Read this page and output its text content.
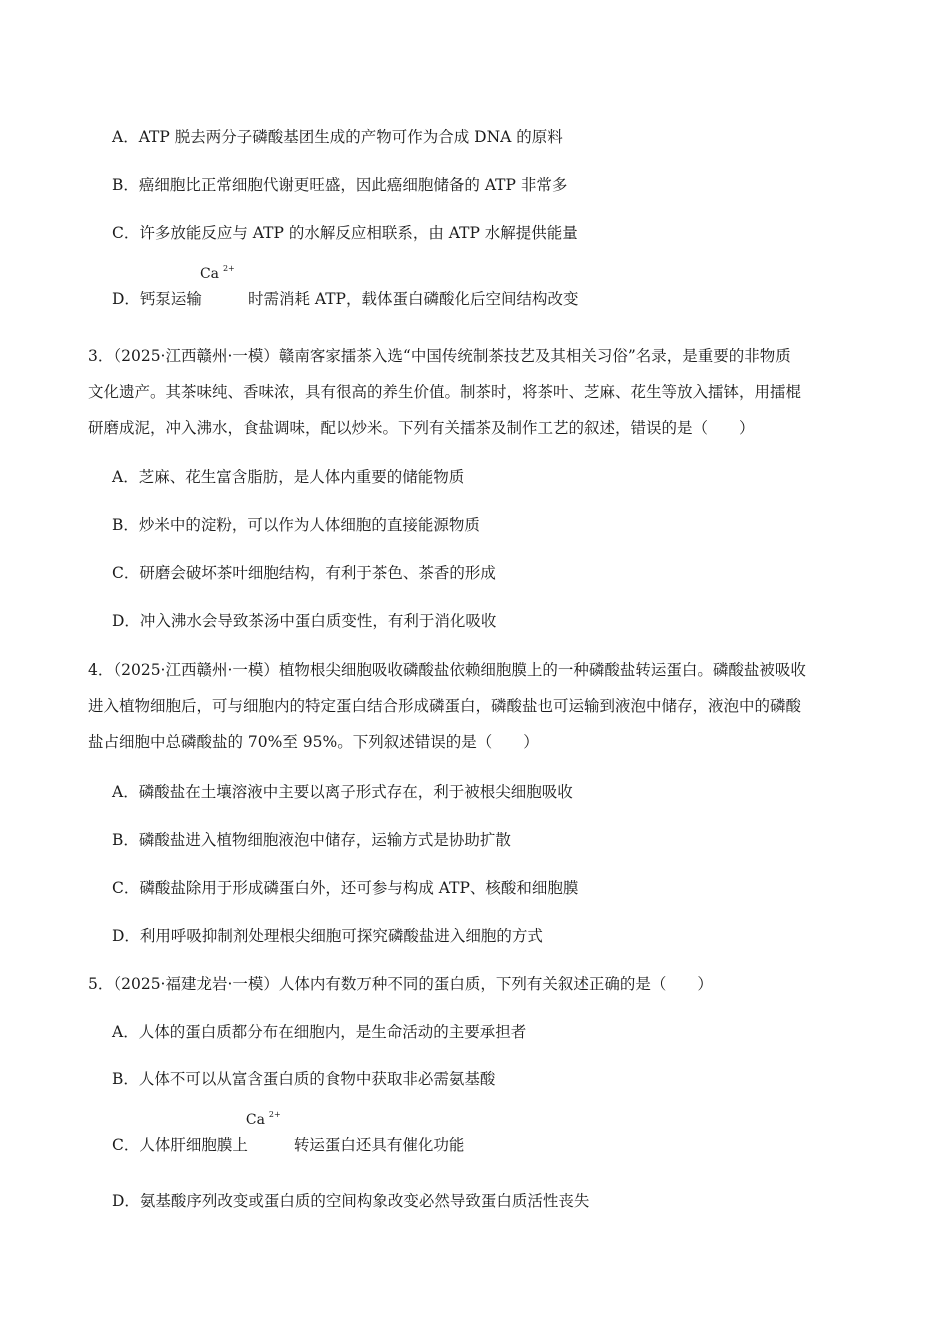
A．ATP 脱去两分子磷酸基团生成的产物可作为合成 DNA 的原料
B．癌细胞比正常细胞代谢更旺盛，因此癌细胞储备的 ATP 非常多
C．许多放能反应与 ATP 的水解反应相联系，由 ATP 水解提供能量
D．钙泵运输
Ca 2+
时需消耗 ATP，载体蛋白磷酸化后空间结构改变
3．（2025·江西赣州·一模）赣南客家擂茶入选“中国传统制茶技艺及其相关习俗”名录，是重要的非物质
文化遗产。其茶味纯、香味浓，具有很高的养生价值。制茶时，将茶叶、芝麻、花生等放入擂钵，用擂棍
研磨成泥，冲入沸水，食盐调味，配以炒米。下列有关擂茶及制作工艺的叙述，错误的是（　　）
A．芝麻、花生富含脂肪，是人体内重要的储能物质
B．炒米中的淀粉，可以作为人体细胞的直接能源物质
C．研磨会破坏茶叶细胞结构，有利于茶色、茶香的形成
D．冲入沸水会导致茶汤中蛋白质变性，有利于消化吸收
4．（2025·江西赣州·一模）植物根尖细胞吸收磷酸盐依赖细胞膜上的一种磷酸盐转运蛋白。磷酸盐被吸收
进入植物细胞后，可与细胞内的特定蛋白结合形成磷蛋白，磷酸盐也可运输到液泡中储存，液泡中的磷酸
盐占细胞中总磷酸盐的 70%至 95%。下列叙述错误的是（　　）
A．磷酸盐在土壤溶液中主要以离子形式存在，利于被根尖细胞吸收
B．磷酸盐进入植物细胞液泡中储存，运输方式是协助扩散
C．磷酸盐除用于形成磷蛋白外，还可参与构成 ATP、核酸和细胞膜
D．利用呼吸抑制剂处理根尖细胞可探究磷酸盐进入细胞的方式
5．（2025·福建龙岩·一模）人体内有数万种不同的蛋白质，下列有关叙述正确的是（　　）
A．人体的蛋白质都分布在细胞内，是生命活动的主要承担者
B．人体不可以从富含蛋白质的食物中获取非必需氨基酸
C．人体肝细胞膜上
Ca 2+
转运蛋白还具有催化功能
D．氨基酸序列改变或蛋白质的空间构象改变必然导致蛋白质活性丧失
